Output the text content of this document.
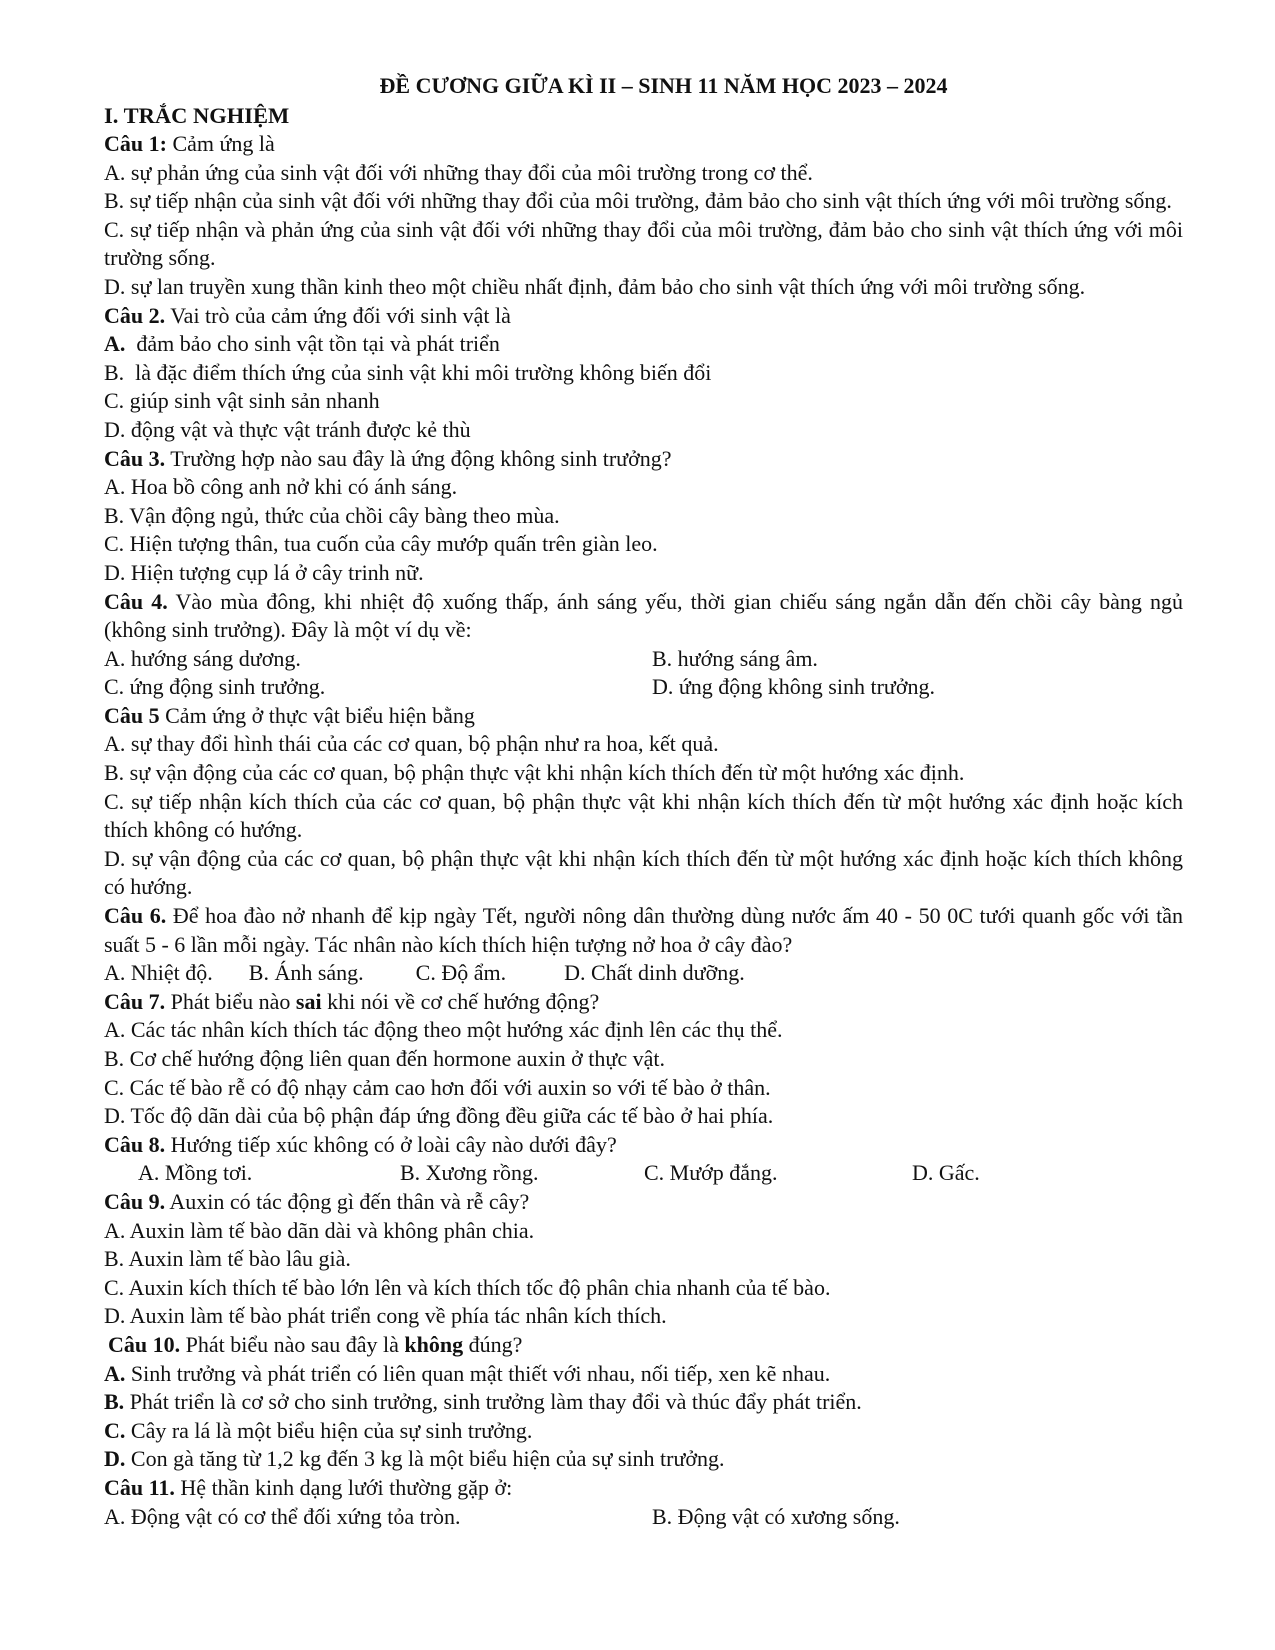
ĐỀ CƯƠNG GIỮA KÌ II – SINH 11 NĂM HỌC 2023 – 2024
I. TRẮC NGHIỆM
Câu 1: Cảm ứng là
A. sự phản ứng của sinh vật đối với những thay đổi của môi trường trong cơ thể.
B. sự tiếp nhận của sinh vật đối với những thay đổi của môi trường, đảm bảo cho sinh vật thích ứng với môi trường sống.
C. sự tiếp nhận và phản ứng của sinh vật đối với những thay đổi của môi trường, đảm bảo cho sinh vật thích ứng với môi trường sống.
D. sự lan truyền xung thần kinh theo một chiều nhất định, đảm bảo cho sinh vật thích ứng với môi trường sống.
Câu 2. Vai trò của cảm ứng đối với sinh vật là
A.  đảm bảo cho sinh vật tồn tại và phát triển
B.  là đặc điểm thích ứng của sinh vật khi môi trường không biến đổi
C. giúp sinh vật sinh sản nhanh
D. động vật và thực vật tránh được kẻ thù
Câu 3. Trường hợp nào sau đây là ứng động không sinh trưởng?
A. Hoa bồ công anh nở khi có ánh sáng.
B. Vận động ngủ, thức của chồi cây bàng theo mùa.
C. Hiện tượng thân, tua cuốn của cây mướp quấn trên giàn leo.
D. Hiện tượng cụp lá ở cây trinh nữ.
Câu 4. Vào mùa đông, khi nhiệt độ xuống thấp, ánh sáng yếu, thời gian chiếu sáng ngắn dẫn đến chồi cây bàng ngủ (không sinh trưởng). Đây là một ví dụ về:
A. hướng sáng dương.	B. hướng sáng âm.
C. ứng động sinh trưởng.	D. ứng động không sinh trưởng.
Câu 5 Cảm ứng ở thực vật biểu hiện bằng
A. sự thay đổi hình thái của các cơ quan, bộ phận như ra hoa, kết quả.
B. sự vận động của các cơ quan, bộ phận thực vật khi nhận kích thích đến từ một hướng xác định.
C. sự tiếp nhận kích thích của các cơ quan, bộ phận thực vật khi nhận kích thích đến từ một hướng xác định hoặc kích thích không có hướng.
D. sự vận động của các cơ quan, bộ phận thực vật khi nhận kích thích đến từ một hướng xác định hoặc kích thích không có hướng.
Câu 6. Để hoa đào nở nhanh để kịp ngày Tết, người nông dân thường dùng nước ấm 40 - 50 0C tưới quanh gốc với tần suất 5 - 6 lần mỗi ngày. Tác nhân nào kích thích hiện tượng nở hoa ở cây đào?
A. Nhiệt độ. B. Ánh sáng. C. Độ ẩm.	D. Chất dinh dưỡng.
Câu 7. Phát biểu nào sai khi nói về cơ chế hướng động?
A. Các tác nhân kích thích tác động theo một hướng xác định lên các thụ thể.
B. Cơ chế hướng động liên quan đến hormone auxin ở thực vật.
C. Các tế bào rễ có độ nhạy cảm cao hơn đối với auxin so với tế bào ở thân.
D. Tốc độ dãn dài của bộ phận đáp ứng đồng đều giữa các tế bào ở hai phía.
Câu 8. Hướng tiếp xúc không có ở loài cây nào dưới đây?
A. Mồng tơi.	B. Xương rồng.	C. Mướp đắng.	D. Gấc.
Câu 9. Auxin có tác động gì đến thân và rễ cây?
A. Auxin làm tế bào dãn dài và không phân chia.
B. Auxin làm tế bào lâu già.
C. Auxin kích thích tế bào lớn lên và kích thích tốc độ phân chia nhanh của tế bào.
D. Auxin làm tế bào phát triển cong về phía tác nhân kích thích.
Câu 10. Phát biểu nào sau đây là không đúng?
A. Sinh trưởng và phát triển có liên quan mật thiết với nhau, nối tiếp, xen kẽ nhau.
B. Phát triển là cơ sở cho sinh trưởng, sinh trưởng làm thay đổi và thúc đẩy phát triển.
C. Cây ra lá là một biểu hiện của sự sinh trưởng.
D. Con gà tăng từ 1,2 kg đến 3 kg là một biểu hiện của sự sinh trưởng.
Câu 11. Hệ thần kinh dạng lưới thường gặp ở:
A. Động vật có cơ thể đối xứng tỏa tròn.	B. Động vật có xương sống.
